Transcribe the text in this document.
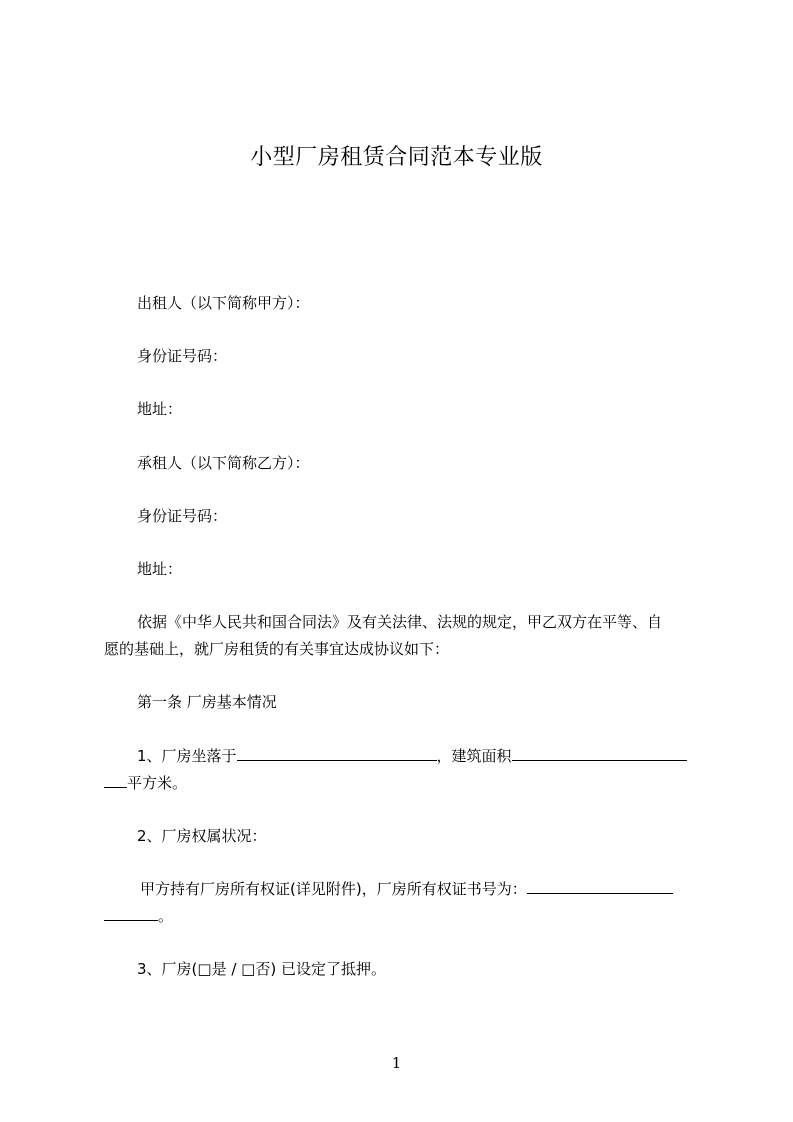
小型厂房租赁合同范本专业版
出租人（以下简称甲方）：
身份证号码：
地址：
承租人（以下简称乙方）：
身份证号码：
地址：
依据《中华人民共和国合同法》及有关法律、法规的规定，甲乙双方在平等、自
愿的基础上，就厂房租赁的有关事宜达成协议如下：
第一条 厂房基本情况
1、厂房坐落于	，建筑面积
平方米。
2、厂房权属状况：
甲方持有厂房所有权证(详见附件)，厂房所有权证书号为：
。
3、厂房(□是 / □否) 已设定了抵押。
1
